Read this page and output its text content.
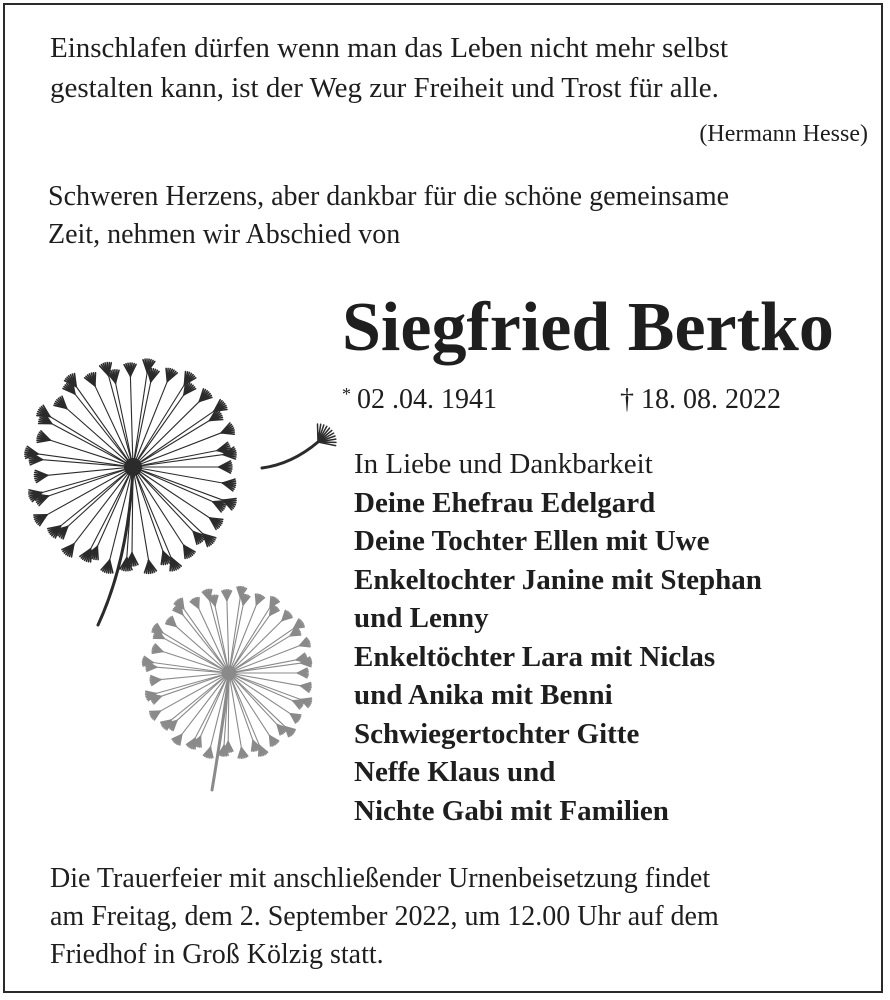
Einschlafen dürfen wenn man das Leben nicht mehr selbst
gestalten kann, ist der Weg zur Freiheit und Trost für alle.
(Hermann Hesse)
Schweren Herzens, aber dankbar für die schöne gemeinsame
Zeit, nehmen wir Abschied von
Siegfried Bertko
* 02 .04. 1941	† 18. 08. 2022
In Liebe und Dankbarkeit
Deine Ehefrau Edelgard
Deine Tochter Ellen mit Uwe
Enkeltochter Janine mit Stephan
und Lenny
Enkeltöchter Lara mit Niclas
und Anika mit Benni
Schwiegertochter Gitte
Neffe Klaus und
Nichte Gabi mit Familien
Die Trauerfeier mit anschließender Urnenbeisetzung findet
am Freitag, dem 2. September 2022, um 12.00 Uhr auf dem
Friedhof in Groß Kölzig statt.
